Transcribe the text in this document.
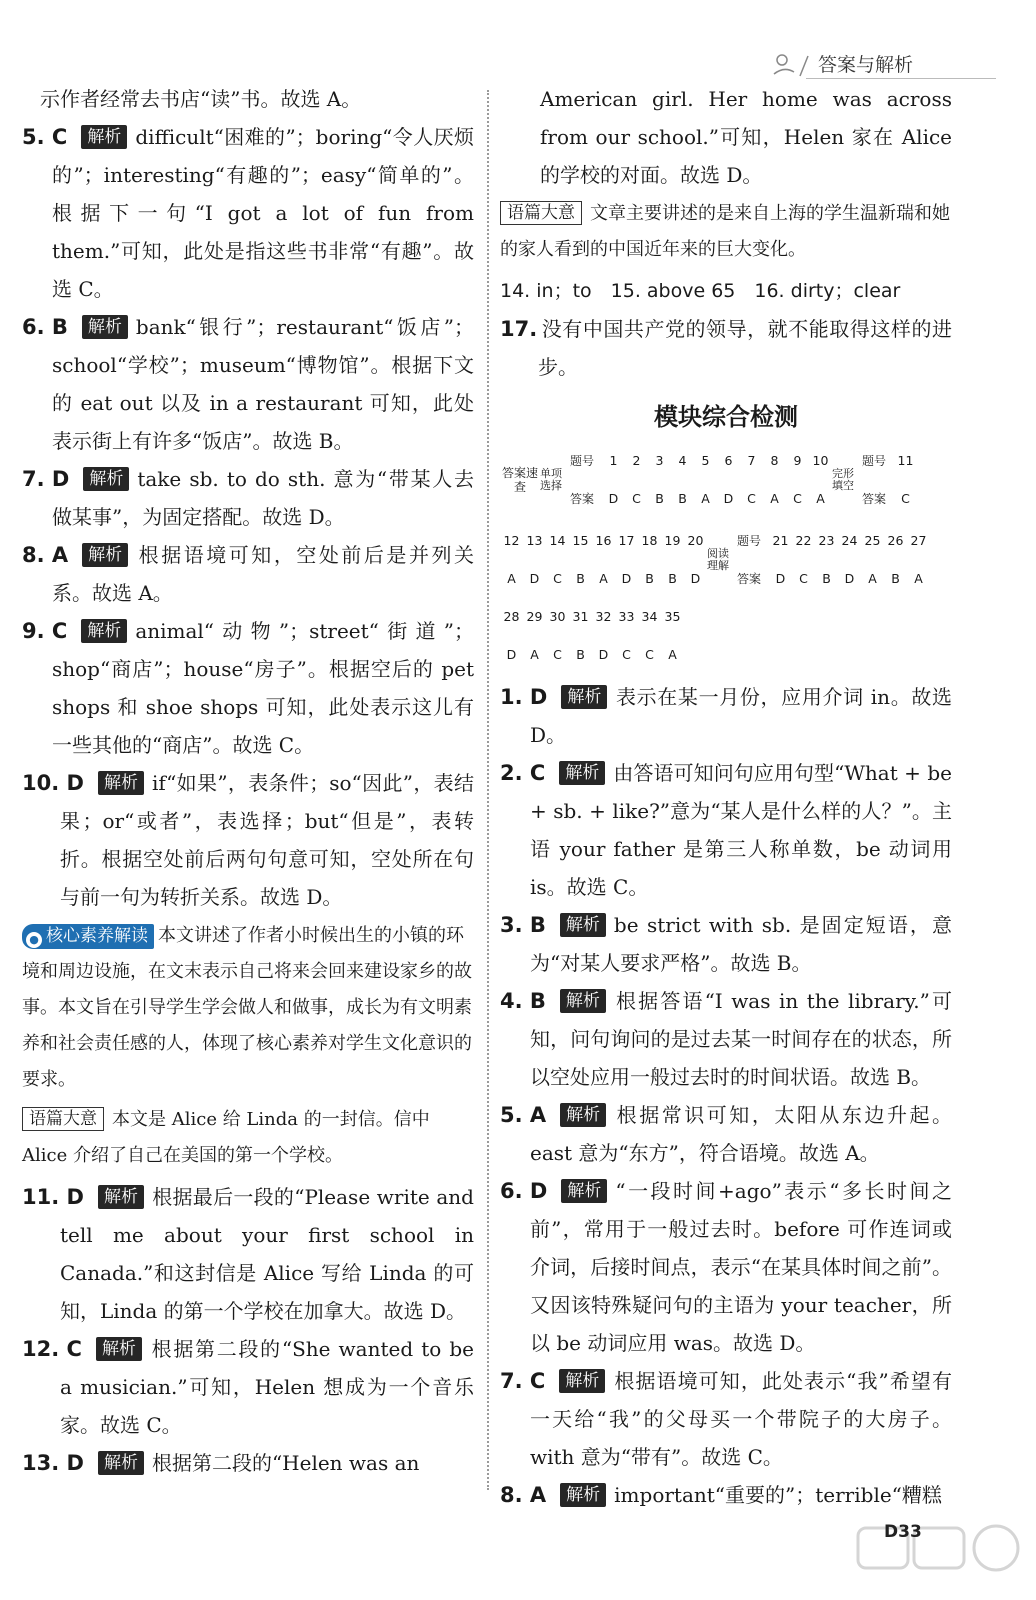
答案与解析

示作者经常去书店“读”书。故选 A。

5. C 解析 difficult“困难的”；boring“令人厌烦的”；interesting“有趣的”；easy“简单的”。根据下一句“I got a lot of fun from them.”可知，此处是指这些书非常“有趣”。故选 C。

6. B 解析 bank“银行”；restaurant“饭店”；school“学校”；museum“博物馆”。根据下文的 eat out 以及 in a restaurant 可知，此处表示街上有许多“饭店”。故选 B。

7. D 解析 take sb. to do sth. 意为“带某人去做某事”，为固定搭配。故选 D。

8. A 解析 根据语境可知，空处前后是并列关系。故选 A。

9. C 解析 animal“动物”；street“街道”；shop“商店”；house“房子”。根据空后的 pet shops 和 shoe shops 可知，此处表示这儿有一些其他的“商店”。故选 C。

10. D 解析 if“如果”，表条件；so“因此”，表结果；or“或者”，表选择；but“但是”，表转折。根据空处前后两句句意可知，空处所在句与前一句为转折关系。故选 D。

● 核心素养解读 本文讲述了作者小时候出生的小镇的环境和周边设施，在文末表示自己将来会回来建设家乡的故事。本文旨在引导学生学会做人和做事，成长为有文明素养和社会责任感的人，体现了核心素养对学生文化意识的要求。

语篇大意 本文是 Alice 给 Linda 的一封信。信中 Alice 介绍了自己在美国的第一个学校。

11. D 解析 根据最后一段的“Please write and tell me about your first school in Canada.”和这封信是 Alice 写给 Linda 的可知，Linda 的第一个学校在加拿大。故选 D。

12. C 解析 根据第二段的“She wanted to be a musician.”可知，Helen 想成为一个音乐家。故选 C。

13. D 解析 根据第二段的“Helen was an

American girl. Her home was across from our school.”可知，Helen 家在 Alice 的学校的对面。故选 D。

语篇大意 文章主要讲述的是来自上海的学生温新瑞和她的家人看到的中国近年来的巨大变化。

14. in；to　15. above 65　16. dirty；clear

17. 没有中国共产党的领导，就不能取得这样的进步。

模块综合检测
答案速查	单项选择	题号	1	2	3	4	5	6	7	8	9	10	完形填空	题号	11
		答案	D	C	B	B	A	D	C	A	C	A		答案	C
12	13	14	15	16	17	18	19	20	阅读理解	题号	21	22	23	24	25	26	27
A	D	C	B	A	D	B	B	D		答案	D	C	B	D	A	B	A
28	29	30	31	32	33	34	35										
D	A	C	B	D	C	C	A										

1. D 解析 表示在某一月份，应用介词 in。故选 D。

2. C 解析 由答语可知问句应用句型“What + be + sb. + like?”意为“某人是什么样的人？”。主语 your father 是第三人称单数，be 动词用 is。故选 C。

3. B 解析 be strict with sb. 是固定短语，意为“对某人要求严格”。故选 B。

4. B 解析 根据答语“I was in the library.”可知，问句询问的是过去某一时间存在的状态，所以空处应用一般过去时的时间状语。故选 B。

5. A 解析 根据常识可知，太阳从东边升起。east 意为“东方”，符合语境。故选 A。

6. D 解析 “一段时间+ago”表示“多长时间之前”，常用于一般过去时。before 可作连词或介词，后接时间点，表示“在某具体时间之前”。又因该特殊疑问句的主语为 your teacher，所以 be 动词应用 was。故选 D。

7. C 解析 根据语境可知，此处表示“我”希望有一天给“我”的父母买一个带院子的大房子。with 意为“带有”。故选 C。

8. A 解析 important“重要的”；terrible“糟糕

D33
